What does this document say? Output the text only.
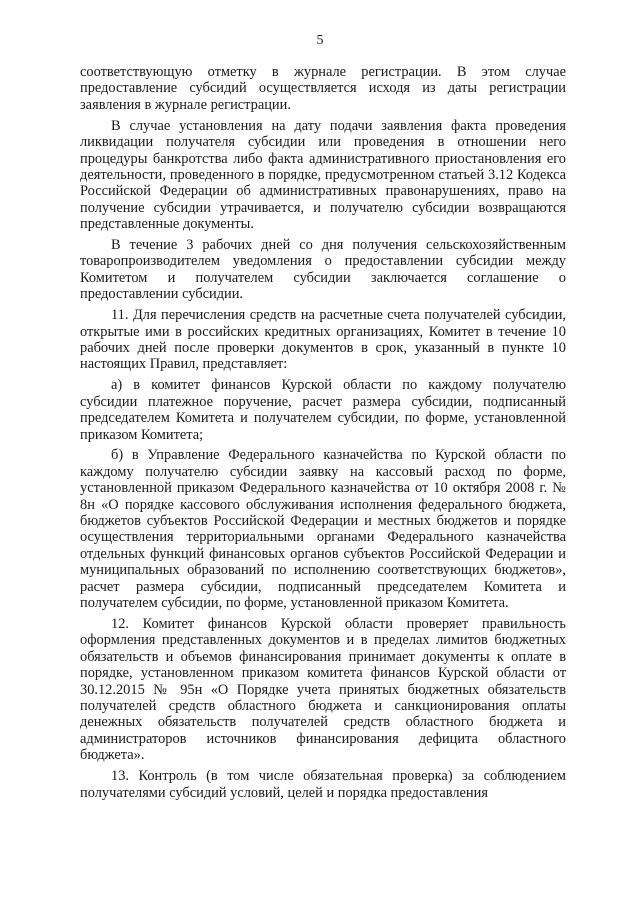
5

соответствующую отметку в журнале регистрации. В этом случае предоставление субсидий осуществляется исходя из даты регистрации заявления в журнале регистрации.

В случае установления на дату подачи заявления факта проведения ликвидации получателя субсидии или проведения в отношении него процедуры банкротства либо факта административного приостановления его деятельности, проведенного в порядке, предусмотренном статьей 3.12 Кодекса Российской Федерации об административных правонарушениях, право на получение субсидии утрачивается, и получателю субсидии возвращаются представленные документы.

В течение 3 рабочих дней со дня получения сельскохозяйственным товаропроизводителем уведомления о предоставлении субсидии между Комитетом и получателем субсидии заключается соглашение о предоставлении субсидии.

11. Для перечисления средств на расчетные счета получателей субсидии, открытые ими в российских кредитных организациях, Комитет в течение 10 рабочих дней после проверки документов в срок, указанный в пункте 10 настоящих Правил, представляет:

а) в комитет финансов Курской области по каждому получателю субсидии платежное поручение, расчет размера субсидии, подписанный председателем Комитета и получателем субсидии, по форме, установленной приказом Комитета;

б) в Управление Федерального казначейства по Курской области по каждому получателю субсидии заявку на кассовый расход по форме, установленной приказом Федерального казначейства от 10 октября 2008 г. № 8н «О порядке кассового обслуживания исполнения федерального бюджета, бюджетов субъектов Российской Федерации и местных бюджетов и порядке осуществления территориальными органами Федерального казначейства отдельных функций финансовых органов субъектов Российской Федерации и муниципальных образований по исполнению соответствующих бюджетов», расчет размера субсидии, подписанный председателем Комитета и получателем субсидии, по форме, установленной приказом Комитета.

12. Комитет финансов Курской области проверяет правильность оформления представленных документов и в пределах лимитов бюджетных обязательств и объемов финансирования принимает документы к оплате в порядке, установленном приказом комитета финансов Курской области от 30.12.2015 № 95н «О Порядке учета принятых бюджетных обязательств получателей средств областного бюджета и санкционирования оплаты денежных обязательств получателей средств областного бюджета и администраторов источников финансирования дефицита областного бюджета».

13. Контроль (в том числе обязательная проверка) за соблюдением получателями субсидий условий, целей и порядка предоставления
